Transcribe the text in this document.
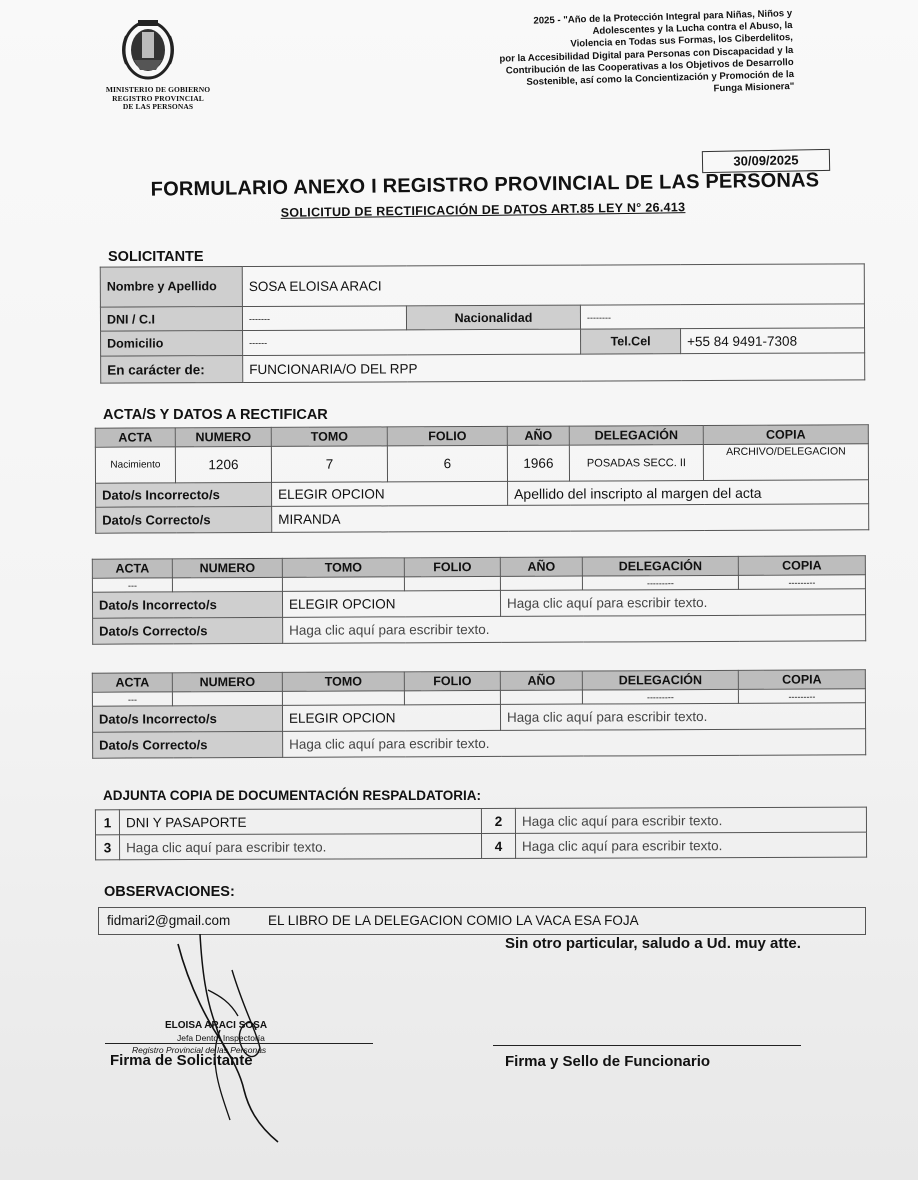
MINISTERIO DE GOBIERNO
REGISTRO PROVINCIAL
DE LAS PERSONAS
2025 - "Año de la Protección Integral para Niñas, Niños y
Adolescentes y la Lucha contra el Abuso, la
Violencia en Todas sus Formas, los Ciberdelitos,
por la Accesibilidad Digital para Personas con Discapacidad y la
Contribución de las Cooperativas a los Objetivos de Desarrollo
Sostenible, así como la Concientización y Promoción de la
Funga Misionera"
30/09/2025
FORMULARIO ANEXO I REGISTRO PROVINCIAL DE LAS PERSONAS
SOLICITUD DE RECTIFICACIÓN DE DATOS ART.85 LEY N° 26.413
SOLICITANTE
Nombre y Apellido	SOSA ELOISA ARACI			
DNI / C.I	-------	Nacionalidad	--------	
Domicilio	------		Tel.Cel	+55 84 9491-7308
En carácter de:	FUNCIONARIA/O DEL RPP			
ACTA/S Y DATOS A RECTIFICAR
ACTA	NUMERO	TOMO	FOLIO	AÑO	DELEGACIÓN	COPIA
Nacimiento	1206	7	6	1966	POSADAS SECC. II	ARCHIVO/DELEGACION
Dato/s Incorrecto/s		ELEGIR OPCION		Apellido del inscripto al margen del acta		
Dato/s Correcto/s		MIRANDA				
ACTA	NUMERO	TOMO	FOLIO	AÑO	DELEGACIÓN	COPIA
---					---------	---------
Dato/s Incorrecto/s		ELEGIR OPCION		Haga clic aquí para escribir texto.		
Dato/s Correcto/s		Haga clic aquí para escribir texto.				
ACTA	NUMERO	TOMO	FOLIO	AÑO	DELEGACIÓN	COPIA
---					---------	---------
Dato/s Incorrecto/s		ELEGIR OPCION		Haga clic aquí para escribir texto.		
Dato/s Correcto/s		Haga clic aquí para escribir texto.				
ADJUNTA COPIA DE DOCUMENTACIÓN RESPALDATORIA:
1	DNI Y PASAPORTE	2	Haga clic aquí para escribir texto.
3	Haga clic aquí para escribir texto.	4	Haga clic aquí para escribir texto.
OBSERVACIONES:
fidmari2@gmail.com	EL LIBRO DE LA DELEGACION COMIO LA VACA ESA FOJA
Sin otro particular, saludo a Ud. muy atte.
ELOISA ARACI SOSA
Jefa Dento. Inspectoría
Registro Provincial de las Personas
Firma de Solicitante	Firma y Sello de Funcionario
